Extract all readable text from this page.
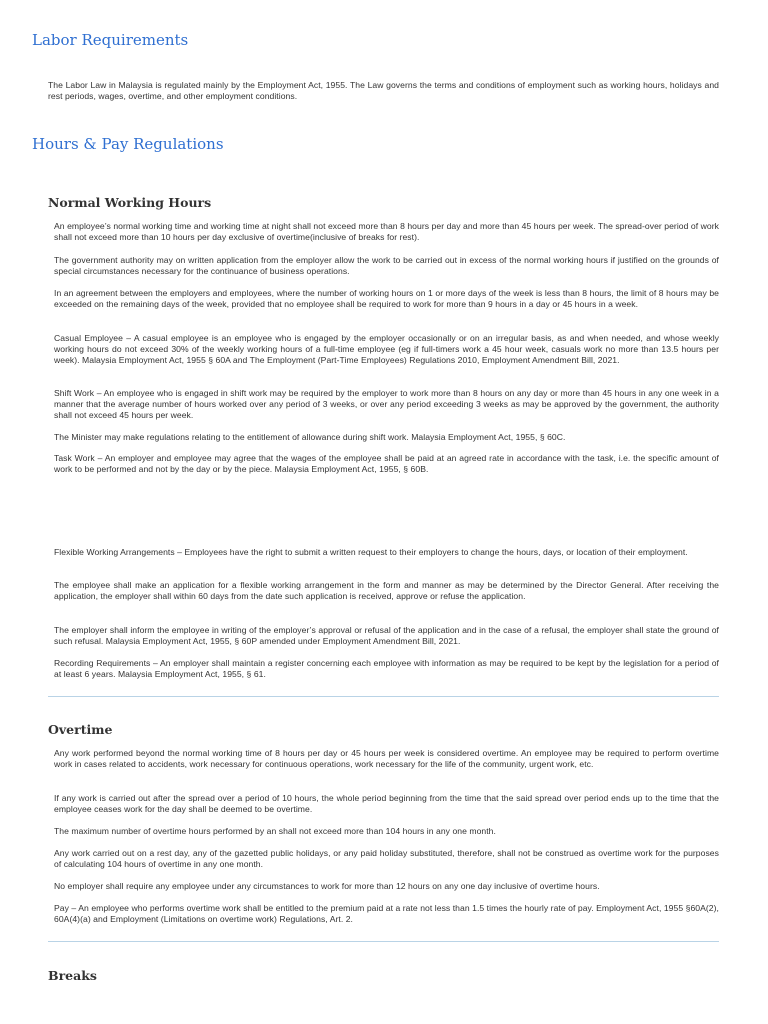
Labor Requirements

The Labor Law in Malaysia is regulated mainly by the Employment Act, 1955. The Law governs the terms and conditions of employment such as working hours, holidays and rest periods, wages, overtime, and other employment conditions.

Hours & Pay Regulations
Normal Working Hours

An employee’s normal working time and working time at night shall not exceed more than 8 hours per day and more than 45 hours per week. The spread-over period of work shall not exceed more than 10 hours per day exclusive of overtime(inclusive of breaks for rest).

The government authority may on written application from the employer allow the work to be carried out in excess of the normal working hours if justified on the grounds of special circumstances necessary for the continuance of business operations.

In an agreement between the employers and employees, where the number of working hours on 1 or more days of the week is less than 8 hours, the limit of 8 hours may be exceeded on the remaining days of the week, provided that no employee shall be required to work for more than 9 hours in a day or 45 hours in a week.

Casual Employee – A casual employee is an employee who is engaged by the employer occasionally or on an irregular basis, as and when needed, and whose weekly working hours do not exceed 30% of the weekly working hours of a full-time employee (eg if full-timers work a 45 hour week, casuals work no more than 13.5 hours per week). Malaysia Employment Act, 1955 § 60A and The Employment (Part-Time Employees) Regulations 2010, Employment Amendment Bill, 2021.

Shift Work – An employee who is engaged in shift work may be required by the employer to work more than 8 hours on any day or more than 45 hours in any one week in a manner that the average number of hours worked over any period of 3 weeks, or over any period exceeding 3 weeks as may be approved by the government, the authority shall not exceed 45 hours per week.

The Minister may make regulations relating to the entitlement of allowance during shift work. Malaysia Employment Act, 1955, § 60C.

Task Work – An employer and employee may agree that the wages of the employee shall be paid at an agreed rate in accordance with the task, i.e. the specific amount of work to be performed and not by the day or by the piece. Malaysia Employment Act, 1955, § 60B.

Flexible Working Arrangements – Employees have the right to submit a written request to their employers to change the hours, days, or location of their employment.

The employee shall make an application for a flexible working arrangement in the form and manner as may be determined by the Director General. After receiving the application, the employer shall within 60 days from the date such application is received, approve or refuse the application.

The employer shall inform the employee in writing of the employer’s approval or refusal of the application and in the case of a refusal, the employer shall state the ground of such refusal. Malaysia Employment Act, 1955, § 60P amended under Employment Amendment Bill, 2021.

Recording Requirements – An employer shall maintain a register concerning each employee with information as may be required to be kept by the legislation for a period of at least 6 years. Malaysia Employment Act, 1955, § 61.

Overtime

Any work performed beyond the normal working time of 8 hours per day or 45 hours per week is considered overtime. An employee may be required to perform overtime work in cases related to accidents, work necessary for continuous operations, work necessary for the life of the community, urgent work, etc.

If any work is carried out after the spread over a period of 10 hours, the whole period beginning from the time that the said spread over period ends up to the time that the employee ceases work for the day shall be deemed to be overtime.

The maximum number of overtime hours performed by an shall not exceed more than 104 hours in any one month.

Any work carried out on a rest day, any of the gazetted public holidays, or any paid holiday substituted, therefore, shall not be construed as overtime work for the purposes of calculating 104 hours of overtime in any one month.

No employer shall require any employee under any circumstances to work for more than 12 hours on any one day inclusive of overtime hours.

Pay – An employee who performs overtime work shall be entitled to the premium paid at a rate not less than 1.5 times the hourly rate of pay. Employment Act, 1955 §60A(2), 60A(4)(a) and Employment (Limitations on overtime work) Regulations, Art. 2.

Breaks
